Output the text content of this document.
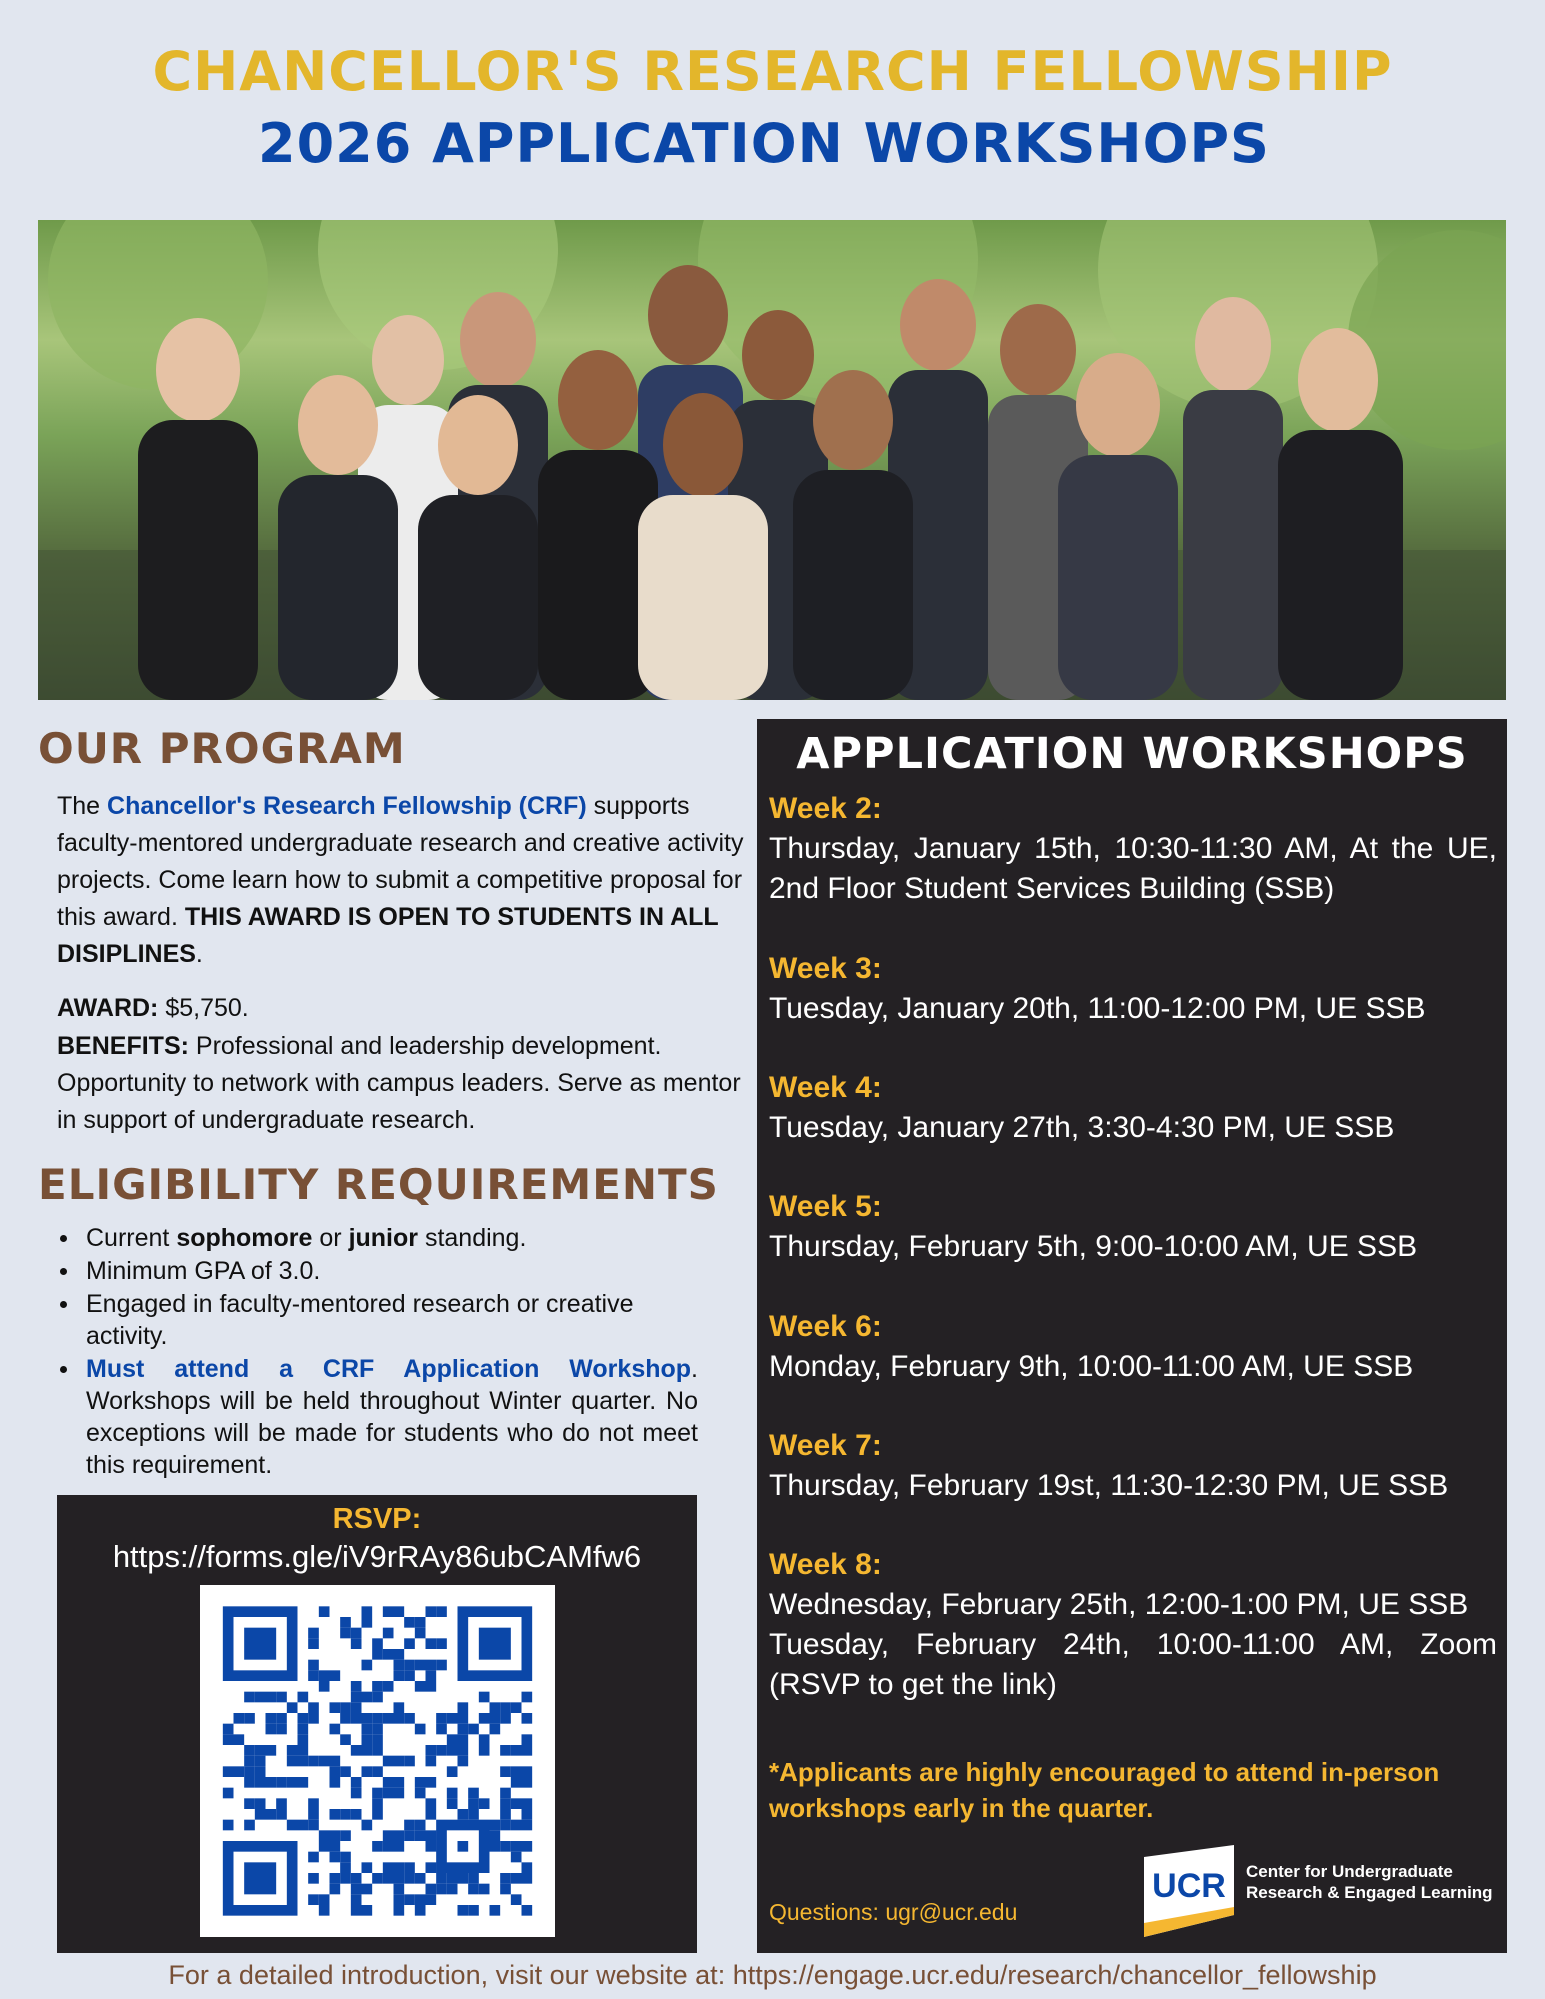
CHANCELLOR'S RESEARCH FELLOWSHIP
2026 APPLICATION WORKSHOPS
OUR PROGRAM
The Chancellor's Research Fellowship (CRF) supports faculty-mentored undergraduate research and creative activity projects. Come learn how to submit a competitive proposal for this award. THIS AWARD IS OPEN TO STUDENTS IN ALL DISIPLINES.
AWARD: $5,750.
BENEFITS: Professional and leadership development. Opportunity to network with campus leaders. Serve as mentor in support of undergraduate research.
ELIGIBILITY REQUIREMENTS
Current sophomore or junior standing.
Minimum GPA of 3.0.
Engaged in faculty-mentored research or creative activity.
Must attend a CRF Application Workshop. Workshops will be held throughout Winter quarter. No exceptions will be made for students who do not meet this requirement.
RSVP:
https://forms.gle/iV9rRAy86ubCAMfw6
APPLICATION WORKSHOPS
Week 2:
Thursday, January 15th, 10:30-11:30 AM, At the UE, 2nd Floor Student Services Building (SSB)
Week 3:
Tuesday, January 20th, 11:00-12:00 PM, UE SSB
Week 4:
Tuesday, January 27th, 3:30-4:30 PM, UE SSB
Week 5:
Thursday, February 5th, 9:00-10:00 AM, UE SSB
Week 6:
Monday, February 9th, 10:00-11:00 AM, UE SSB
Week 7:
Thursday, February 19st, 11:30-12:30 PM, UE SSB
Week 8:
Wednesday, February 25th, 12:00-1:00 PM, UE SSB
Tuesday, February 24th, 10:00-11:00 AM, Zoom (RSVP to get the link)
*Applicants are highly encouraged to attend in-person workshops early in the quarter.
Questions: ugr@ucr.edu
UCR Center for Undergraduate
Research & Engaged Learning
For a detailed introduction, visit our website at: https://engage.ucr.edu/research/chancellor_fellowship
